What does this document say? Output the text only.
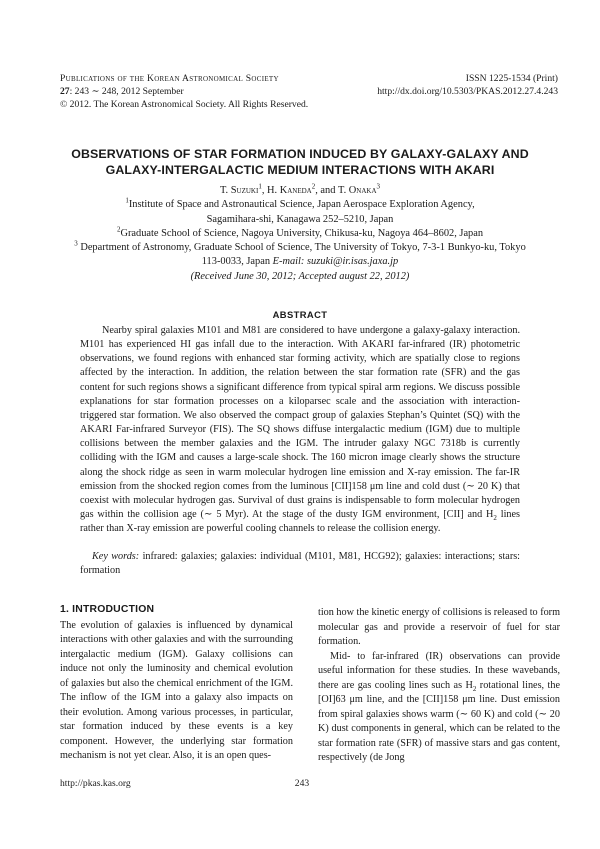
Publications of the Korean Astronomical Society
27: 243 ∼ 248, 2012 September
© 2012. The Korean Astronomical Society. All Rights Reserved.
ISSN 1225-1534 (Print)
http://dx.doi.org/10.5303/PKAS.2012.27.4.243
OBSERVATIONS OF STAR FORMATION INDUCED BY GALAXY-GALAXY AND
GALAXY-INTERGALACTIC MEDIUM INTERACTIONS WITH AKARI
T. Suzuki$^1$, H. Kaneda$^2$, and T. Onaka$^3$
$^1$Institute of Space and Astronautical Science, Japan Aerospace Exploration Agency,
Sagamihara-shi, Kanagawa 252–5210, Japan
$^2$Graduate School of Science, Nagoya University, Chikusa-ku, Nagoya 464–8602, Japan
$^3$ Department of Astronomy, Graduate School of Science, The University of Tokyo, 7-3-1 Bunkyo-ku, Tokyo
113-0033, Japan E-mail: suzuki@ir.isas.jaxa.jp
(Received June 30, 2012; Accepted august 22, 2012)
ABSTRACT
Nearby spiral galaxies M101 and M81 are considered to have undergone a galaxy-galaxy interaction. M101 has experienced HI gas infall due to the interaction. With AKARI far-infrared (IR) photometric observations, we found regions with enhanced star forming activity, which are spatially close to regions affected by the interaction. In addition, the relation between the star formation rate (SFR) and the gas content for such regions shows a significant difference from typical spiral arm regions. We discuss possible explanations for star formation processes on a kiloparsec scale and the association with interaction-triggered star formation. We also observed the compact group of galaxies Stephan’s Quintet (SQ) with the AKARI Far-infrared Surveyor (FIS). The SQ shows diffuse intergalactic medium (IGM) due to multiple collisions between the member galaxies and the IGM. The intruder galaxy NGC 7318b is currently colliding with the IGM and causes a large-scale shock. The 160 micron image clearly shows the structure along the shock ridge as seen in warm molecular hydrogen line emission and X-ray emission. The far-IR emission from the shocked region comes from the luminous [CII]158 μm line and cold dust (∼ 20 K) that coexist with molecular hydrogen gas. Survival of dust grains is indispensable to form molecular hydrogen gas within the collision age (∼ 5 Myr). At the stage of the dusty IGM environment, [CII] and $H_2$ lines rather than X-ray emission are powerful cooling channels to release the collision energy.
Key words: infrared: galaxies; galaxies: individual (M101, M81, HCG92); galaxies: interactions; stars: formation
1. INTRODUCTION

The evolution of galaxies is influenced by dynamical interactions with other galaxies and with the surrounding intergalactic medium (IGM). Galaxy collisions can induce not only the luminosity and chemical evolution of galaxies but also the chemical enrichment of the IGM. The inflow of the IGM into a galaxy also impacts on their evolution. Among various processes, in particular, star formation induced by these events is a key component. However, the underlying star formation mechanism is not yet clear. Also, it is an open ques-

tion how the kinetic energy of collisions is released to form molecular gas and provide a reservoir of fuel for star formation.

Mid- to far-infrared (IR) observations can provide useful information for these studies. In these wavebands, there are gas cooling lines such as $H_2$ rotational lines, the [OI]63 μm line, and the [CII]158 μm line. Dust emission from spiral galaxies shows warm (∼ 60 K) and cold (∼ 20 K) dust components in general, which can be related to the star formation rate (SFR) of massive stars and gas content, respectively (de Jong

http://pkas.kas.org	243
